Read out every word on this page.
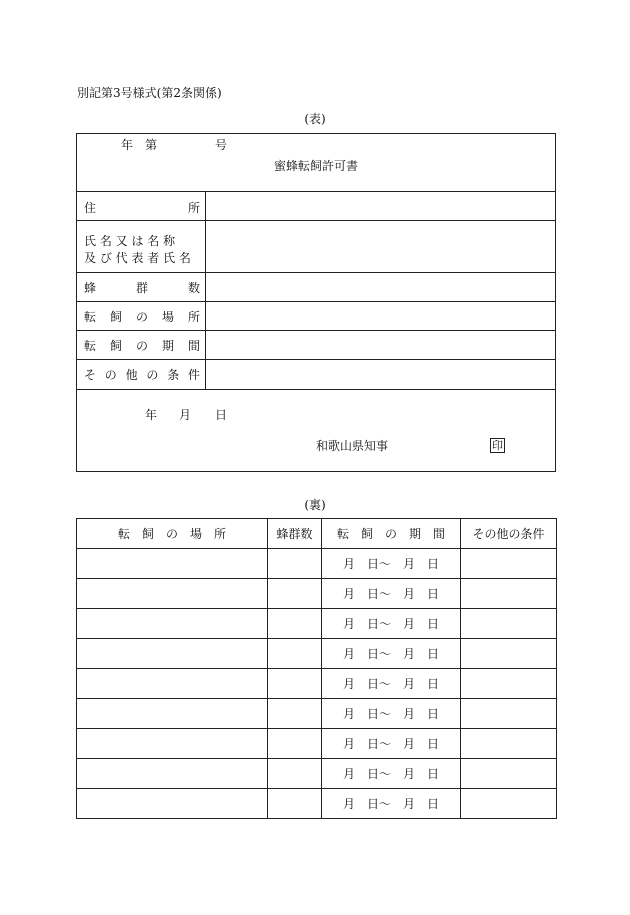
別記第3号様式(第2条関係)
(表)
年 第	号
蜜蜂転飼許可書
住	所
氏 名 又 は 名 称
及 び 代 表 者 氏 名
蜂	群	数
転 飼 の 場 所
転 飼 の 期 間
そ の 他 の 条 件
年 月 日
和歌山県知事	印
(裏)
転　飼　の　場　所	蜂群数	転　飼　の　期　間	その他の条件
		月　日～　月　日	
		月　日～　月　日	
		月　日～　月　日	
		月　日～　月　日	
		月　日～　月　日	
		月　日～　月　日	
		月　日～　月　日	
		月　日～　月　日	
		月　日～　月　日	
